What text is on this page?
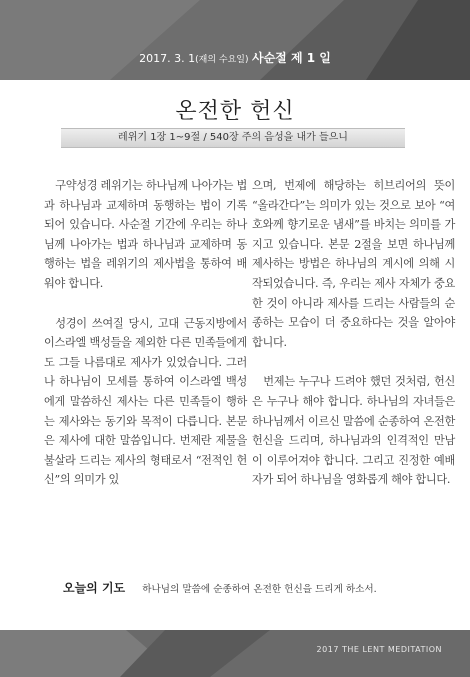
2017. 3. 1(재의 수요일) 사순절 제 1 일
온전한 헌신
레위기 1장 1~9절 / 540장 주의 음성을 내가 들으니

구약성경 레위기는 하나님께 나아가는 법과 하나님과 교제하며 동행하는 법이 기록되어 있습니다. 사순절 기간에 우리는 하나님께 나아가는 법과 하나님과 교제하며 동행하는 법을 레위기의 제사법을 통하여 배워야 합니다.

성경이 쓰여질 당시, 고대 근동지방에서 이스라엘 백성들을 제외한 다른 민족들에게도 그들 나름대로 제사가 있었습니다. 그러나 하나님이 모세를 통하여 이스라엘 백성에게 말씀하신 제사는 다른 민족들이 행하는 제사와는 동기와 목적이 다릅니다. 본문은 제사에 대한 말씀입니다. 번제란 제물을 불살라 드리는 제사의 형태로서 “전적인 헌신”의 의미가 있

으며, 번제에 해당하는 히브리어의 뜻이 “올라간다”는 의미가 있는 것으로 보아 “여호와께 향기로운 냄새”를 바치는 의미를 가지고 있습니다. 본문 2절을 보면 하나님께 제사하는 방법은 하나님의 계시에 의해 시작되었습니다. 즉, 우리는 제사 자체가 중요한 것이 아니라 제사를 드리는 사람들의 순종하는 모습이 더 중요하다는 것을 알아야 합니다.

번제는 누구나 드려야 했던 것처럼, 헌신은 누구나 해야 합니다. 하나님의 자녀들은 하나님께서 이르신 말씀에 순종하여 온전한 헌신을 드리며, 하나님과의 인격적인 만남이 이루어져야 합니다. 그리고 진정한 예배자가 되어 하나님을 영화롭게 해야 합니다.

오늘의 기도 하나님의 말씀에 순종하여 온전한 헌신을 드리게 하소서.
2017 THE LENT MEDITATION
